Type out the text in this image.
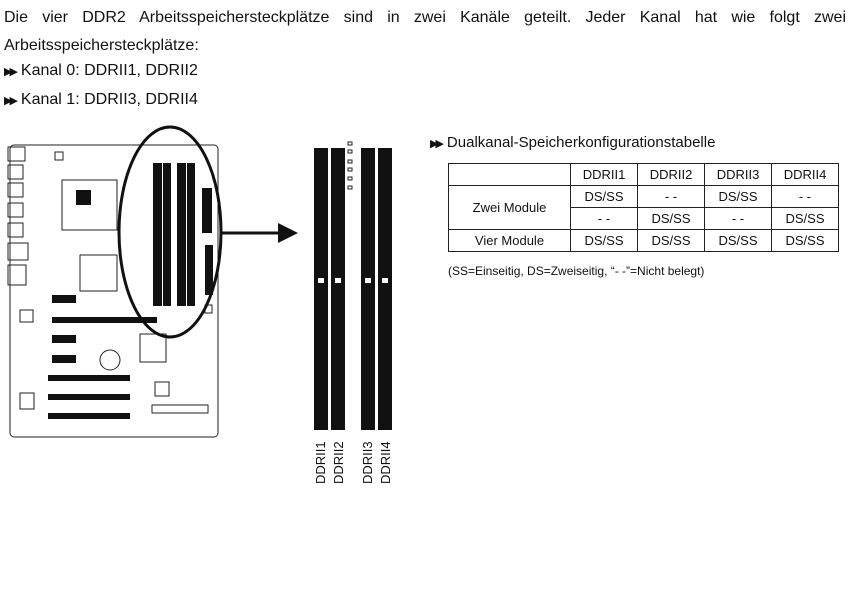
Die vier DDR2 Arbeitsspeichersteckplätze sind in zwei Kanäle geteilt. Jeder Kanal hat wie folgt zwei Arbeitsspeichersteckplätze:
▶▶ Kanal 0: DDRII1, DDRII2
▶▶ Kanal 1: DDRII3, DDRII4
DDRII1 DDRII2 DDRII3 DDRII4
▶▶ Dualkanal-Speicherkonfigurationstabelle
	DDRII1	DDRII2	DDRII3	DDRII4
Zwei Module	DS/SS	- -	DS/SS	- -
	- -	DS/SS	- -	DS/SS
Vier Module	DS/SS	DS/SS	DS/SS	DS/SS
(SS=Einseitig, DS=Zweiseitig, “- -”=Nicht belegt)
